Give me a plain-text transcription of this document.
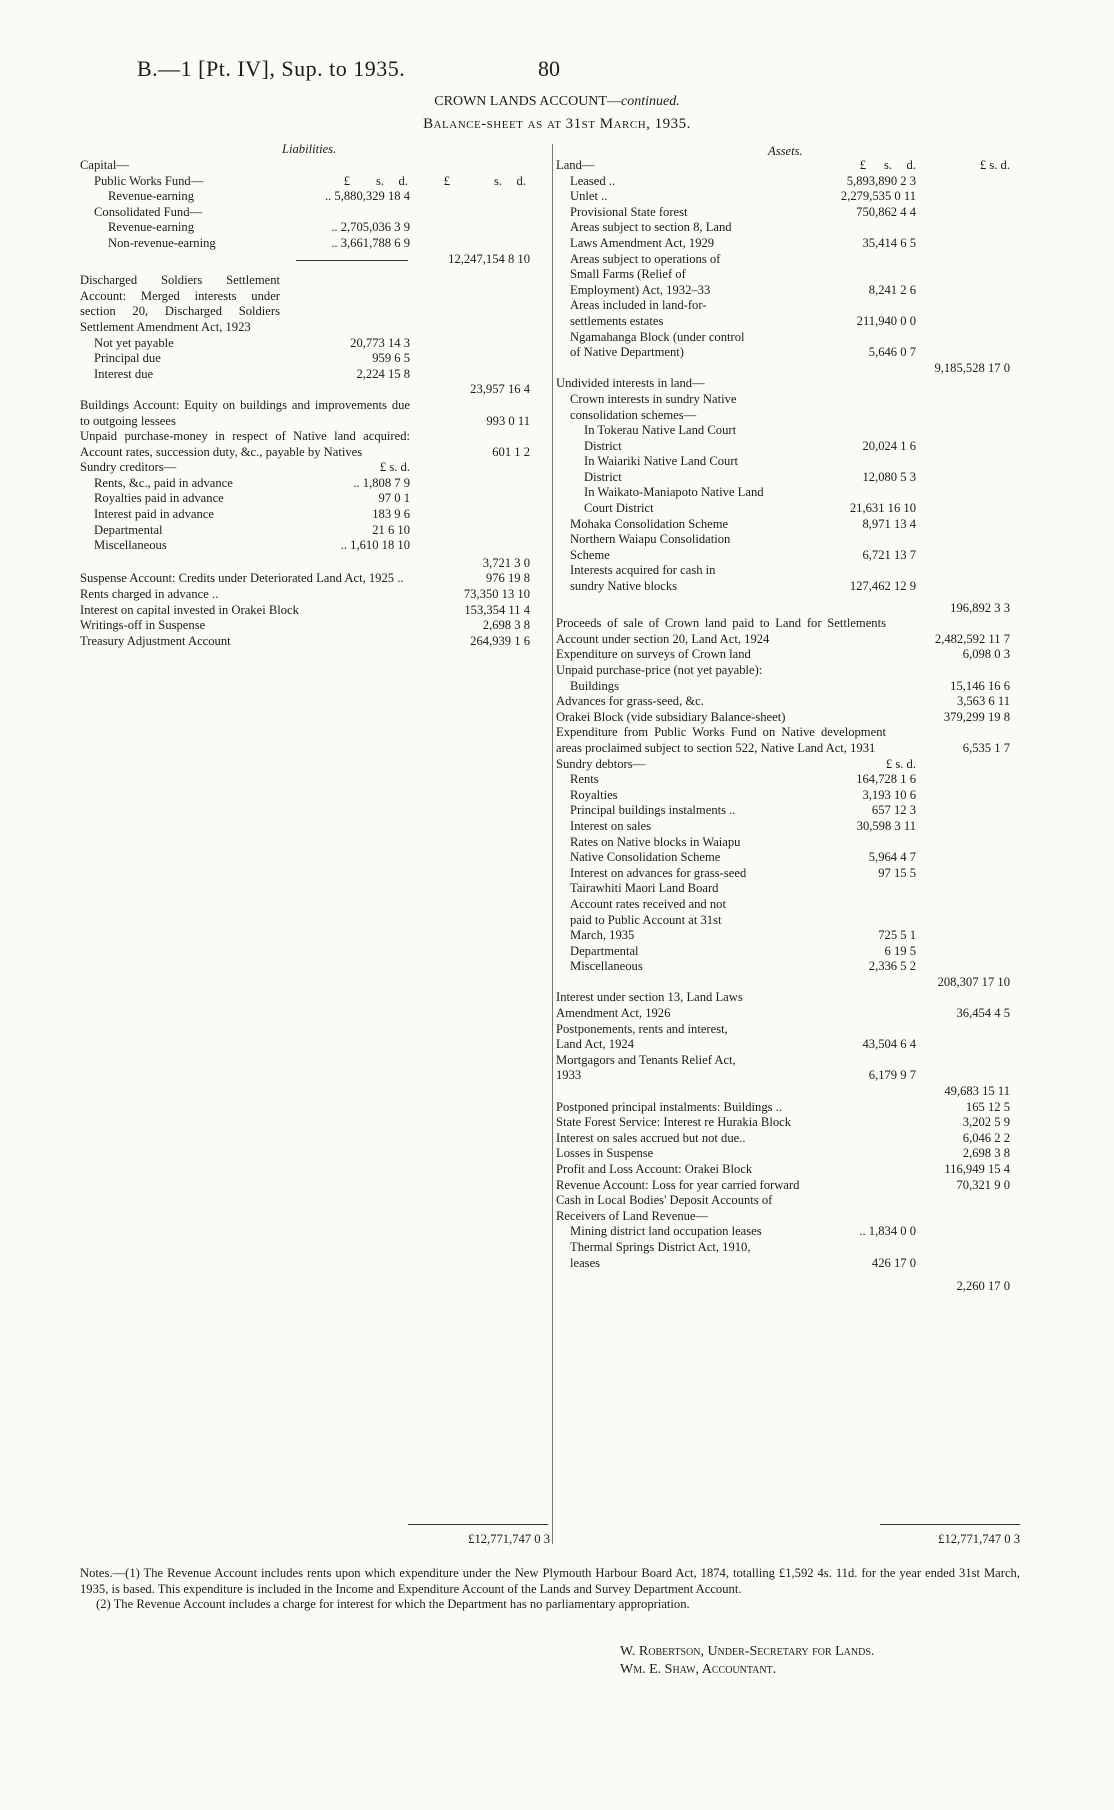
B.—1 [Pt. IV], Sup. to 1935.	80
CROWN LANDS ACCOUNT—continued.
Balance-sheet as at 31st March, 1935.
Liabilities.
Capital—
Public Works Fund—	£	s.	d.	£	s.	d.
Revenue-earning	.. 5,880,329 18 4
Consolidated Fund—
Revenue-earning	.. 2,705,036 3 9
Non-revenue-earning	.. 3,661,788 6 9
12,247,154 8 10
Discharged Soldiers Settlement Account: Merged interests under section 20, Discharged Soldiers Settlement Amendment Act, 1923
Not yet payable	20,773 14 3
Principal due	959 6 5
Interest due	2,224 15 8
23,957 16 4
Buildings Account: Equity on buildings and improvements due to outgoing lessees	993 0 11
Unpaid purchase-money in respect of Native land acquired: Account rates, succession duty, &c., payable by Natives	601 1 2
Sundry creditors—	£ s. d.
Rents, &c., paid in advance	.. 1,808 7 9
Royalties paid in advance	97 0 1
Interest paid in advance	183 9 6
Departmental	21 6 10
Miscellaneous	.. 1,610 18 10
3,721 3 0
Suspense Account: Credits under Deteriorated Land Act, 1925 ..	976 19 8
Rents charged in advance ..	73,350 13 10
Interest on capital invested in Orakei Block	153,354 11 4
Writings-off in Suspense	2,698 3 8
Treasury Adjustment Account	264,939 1 6
£12,771,747 0 3
Assets.
Land—	£	s.	d.	£ s. d.
Leased ..	5,893,890 2 3
Unlet ..	2,279,535 0 11
Provisional State forest	750,862 4 4
Areas subject to section 8, Land Laws Amendment Act, 1929	35,414 6 5
Areas subject to operations of Small Farms (Relief of Employment) Act, 1932–33	8,241 2 6
Areas included in land-for-settlements estates	211,940 0 0
Ngamahanga Block (under control of Native Department)	5,646 0 7
9,185,528 17 0
Undivided interests in land—
Crown interests in sundry Native consolidation schemes—
In Tokerau Native Land Court District	20,024 1 6
In Waiariki Native Land Court District	12,080 5 3
In Waikato-Maniapoto Native Land Court District	21,631 16 10
Mohaka Consolidation Scheme	8,971 13 4
Northern Waiapu Consolidation Scheme	6,721 13 7
Interests acquired for cash in sundry Native blocks	127,462 12 9
196,892 3 3
Proceeds of sale of Crown land paid to Land for Settlements Account under section 20, Land Act, 1924	2,482,592 11 7
Expenditure on surveys of Crown land	6,098 0 3
Unpaid purchase-price (not yet payable):
Buildings	15,146 16 6
Advances for grass-seed, &c.	3,563 6 11
Orakei Block (vide subsidiary Balance-sheet)	379,299 19 8
Expenditure from Public Works Fund on Native development areas proclaimed subject to section 522, Native Land Act, 1931	6,535 1 7
Sundry debtors—	£ s. d.
Rents	164,728 1 6
Royalties	3,193 10 6
Principal buildings instalments ..	657 12 3
Interest on sales	30,598 3 11
Rates on Native blocks in Waiapu Native Consolidation Scheme	5,964 4 7
Interest on advances for grass-seed	97 15 5
Tairawhiti Maori Land Board Account rates received and not paid to Public Account at 31st March, 1935	725 5 1
Departmental	6 19 5
Miscellaneous	2,336 5 2
208,307 17 10
Interest under section 13, Land Laws Amendment Act, 1926	36,454 4 5
Postponements, rents and interest, Land Act, 1924	43,504 6 4
Mortgagors and Tenants Relief Act, 1933	6,179 9 7
49,683 15 11
Postponed principal instalments: Buildings ..	165 12 5
State Forest Service: Interest re Hurakia Block	3,202 5 9
Interest on sales accrued but not due..	6,046 2 2
Losses in Suspense	2,698 3 8
Profit and Loss Account: Orakei Block	116,949 15 4
Revenue Account: Loss for year carried forward	70,321 9 0
Cash in Local Bodies' Deposit Accounts of Receivers of Land Revenue—
Mining district land occupation leases	.. 1,834 0 0
Thermal Springs District Act, 1910, leases	426 17 0
2,260 17 0
£12,771,747 0 3

Notes.—(1) The Revenue Account includes rents upon which expenditure under the New Plymouth Harbour Board Act, 1874, totalling £1,592 4s. 11d. for the year ended 31st March, 1935, is based. This expenditure is included in the Income and Expenditure Account of the Lands and Survey Department Account.

(2) The Revenue Account includes a charge for interest for which the Department has no parliamentary appropriation.

W. Robertson, Under-Secretary for Lands.
Wm. E. Shaw, Accountant.
